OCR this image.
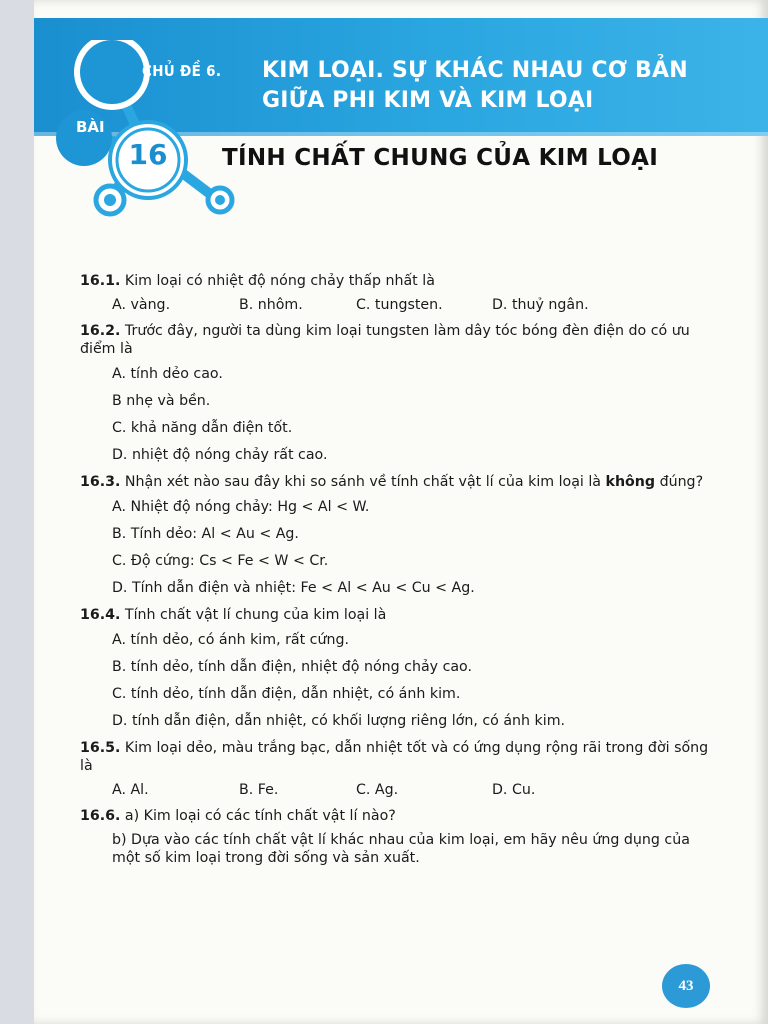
CHỦ ĐỀ 6. KIM LOẠI. SỰ KHÁC NHAU CƠ BẢN
GIỮA PHI KIM VÀ KIM LOẠI
BÀI
16	TÍNH CHẤT CHUNG CỦA KIM LOẠI
16.1. Kim loại có nhiệt độ nóng chảy thấp nhất là
A. vàng.	B. nhôm.	C. tungsten.	D. thuỷ ngân.
16.2. Trước đây, người ta dùng kim loại tungsten làm dây tóc bóng đèn điện do có ưu điểm là
A. tính dẻo cao.
B nhẹ và bền.
C. khả năng dẫn điện tốt.
D. nhiệt độ nóng chảy rất cao.
16.3. Nhận xét nào sau đây khi so sánh về tính chất vật lí của kim loại là không đúng?
A. Nhiệt độ nóng chảy: Hg < Al < W.
B. Tính dẻo: Al < Au < Ag.
C. Độ cứng: Cs < Fe < W < Cr.
D. Tính dẫn điện và nhiệt: Fe < Al < Au < Cu < Ag.
16.4. Tính chất vật lí chung của kim loại là
A. tính dẻo, có ánh kim, rất cứng.
B. tính dẻo, tính dẫn điện, nhiệt độ nóng chảy cao.
C. tính dẻo, tính dẫn điện, dẫn nhiệt, có ánh kim.
D. tính dẫn điện, dẫn nhiệt, có khối lượng riêng lớn, có ánh kim.
16.5. Kim loại dẻo, màu trắng bạc, dẫn nhiệt tốt và có ứng dụng rộng rãi trong đời sống là
A. Al.	B. Fe.	C. Ag.	D. Cu.
16.6. a) Kim loại có các tính chất vật lí nào?
b) Dựa vào các tính chất vật lí khác nhau của kim loại, em hãy nêu ứng dụng của một số kim loại trong đời sống và sản xuất.
43
